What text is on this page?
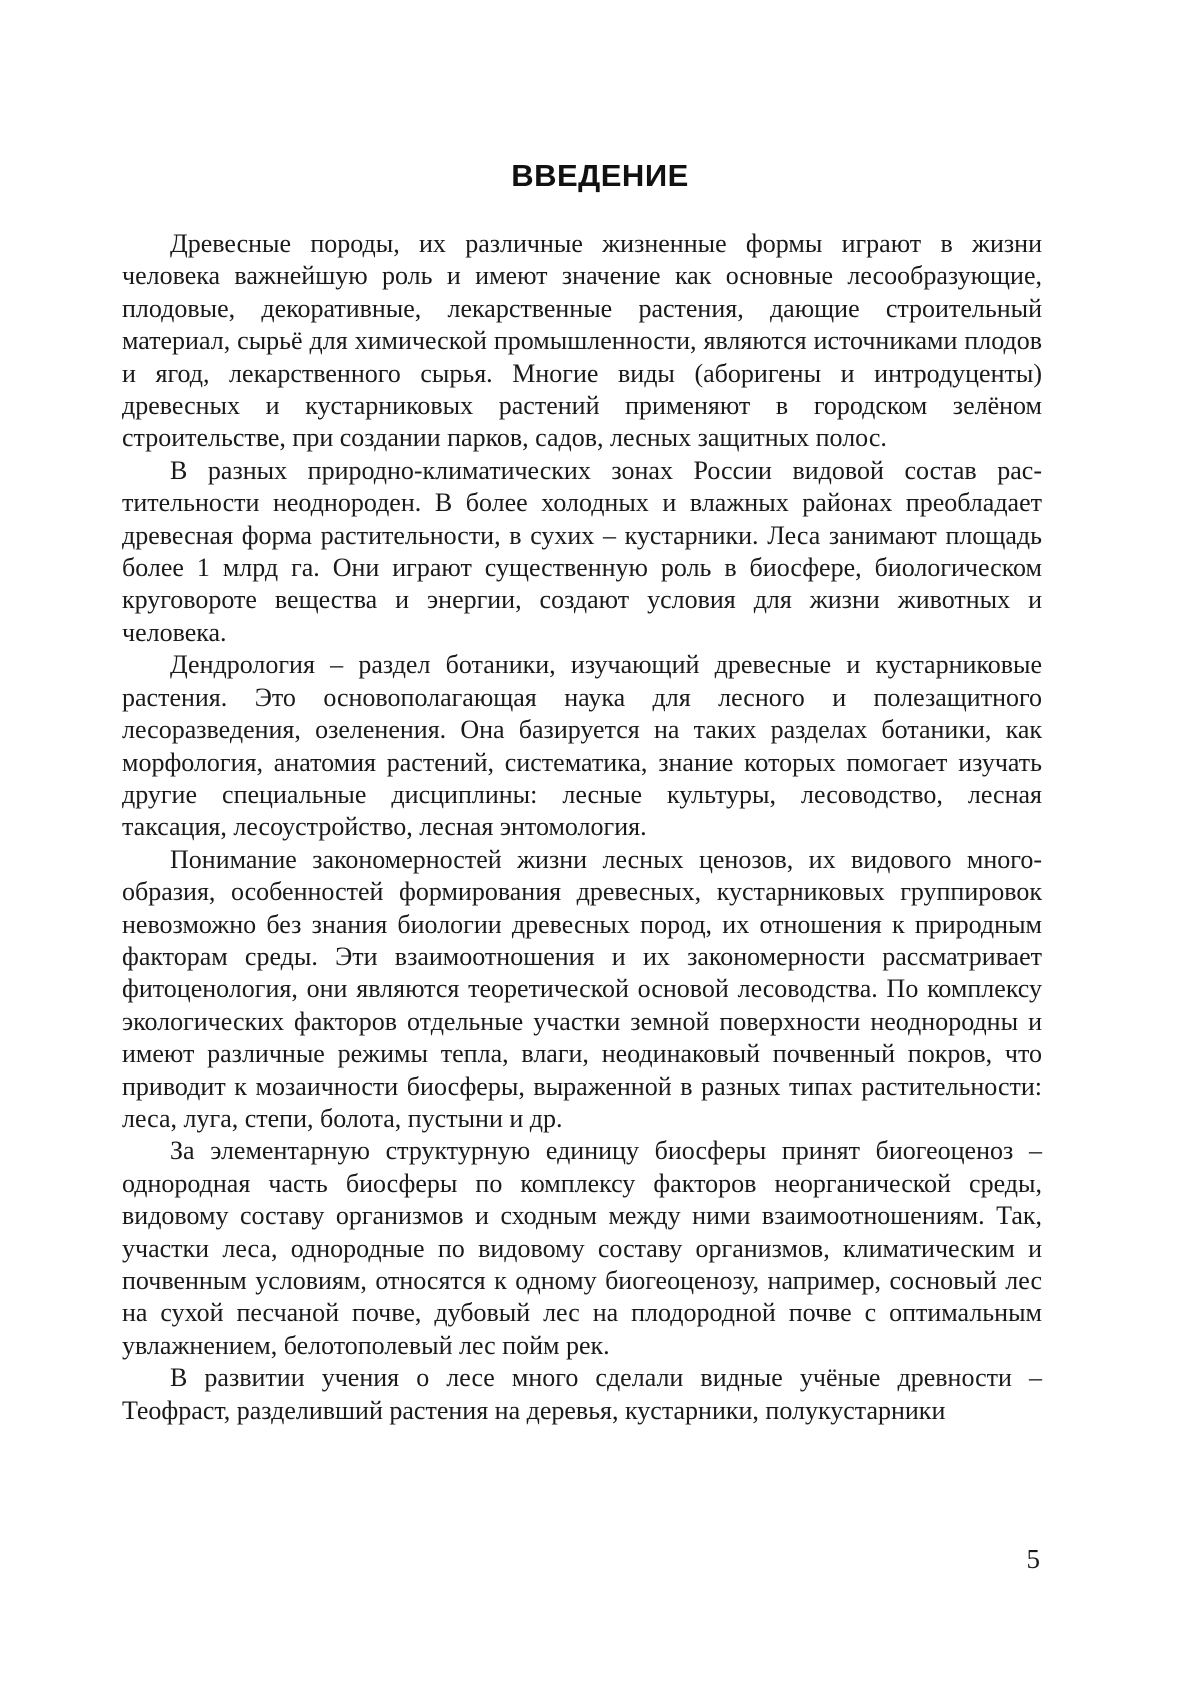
ВВЕДЕНИЕ

Древесные породы, их различные жизненные формы играют в жизни человека важнейшую роль и имеют значение как основные лесообразующие, плодовые, декоративные, лекарственные растения, дающие строительный материал, сырьё для химической промышленности, являются источниками плодов и ягод, лекарственного сырья. Многие виды (аборигены и интродуценты) древесных и кустарниковых растений применяют в городском зелёном строительстве, при создании парков, садов, лесных защитных полос.

В разных природно-климатических зонах России видовой состав растительности неоднороден. В более холодных и влажных районах преобладает древесная форма растительности, в сухих – кустарники. Леса занимают площадь более 1 млрд га. Они играют существенную роль в биосфере, биологическом круговороте вещества и энергии, создают условия для жизни животных и человека.

Дендрология – раздел ботаники, изучающий древесные и кустарниковые растения. Это основополагающая наука для лесного и полезащитного лесоразведения, озеленения. Она базируется на таких разделах ботаники, как морфология, анатомия растений, систематика, знание которых помогает изучать другие специальные дисциплины: лесные культуры, лесоводство, лесная таксация, лесоустройство, лесная энтомология.

Понимание закономерностей жизни лесных ценозов, их видового многообразия, особенностей формирования древесных, кустарниковых группировок невозможно без знания биологии древесных пород, их отношения к природным факторам среды. Эти взаимоотношения и их закономерности рассматривает фитоценология, они являются теоретической основой лесоводства. По комплексу экологических факторов отдельные участки земной поверхности неоднородны и имеют различные режимы тепла, влаги, неодинаковый почвенный покров, что приводит к мозаичности биосферы, выраженной в разных типах растительности: леса, луга, степи, болота, пустыни и др.

За элементарную структурную единицу биосферы принят биогеоценоз – однородная часть биосферы по комплексу факторов неорганической среды, видовому составу организмов и сходным между ними взаимоотношениям. Так, участки леса, однородные по видовому составу организмов, климатическим и почвенным условиям, относятся к одному биогеоценозу, например, сосновый лес на сухой песчаной почве, дубовый лес на плодородной почве с оптимальным увлажнением, белотополевый лес пойм рек.

В развитии учения о лесе много сделали видные учёные древности – Теофраст, разделивший растения на деревья, кустарники, полукустарники

5
